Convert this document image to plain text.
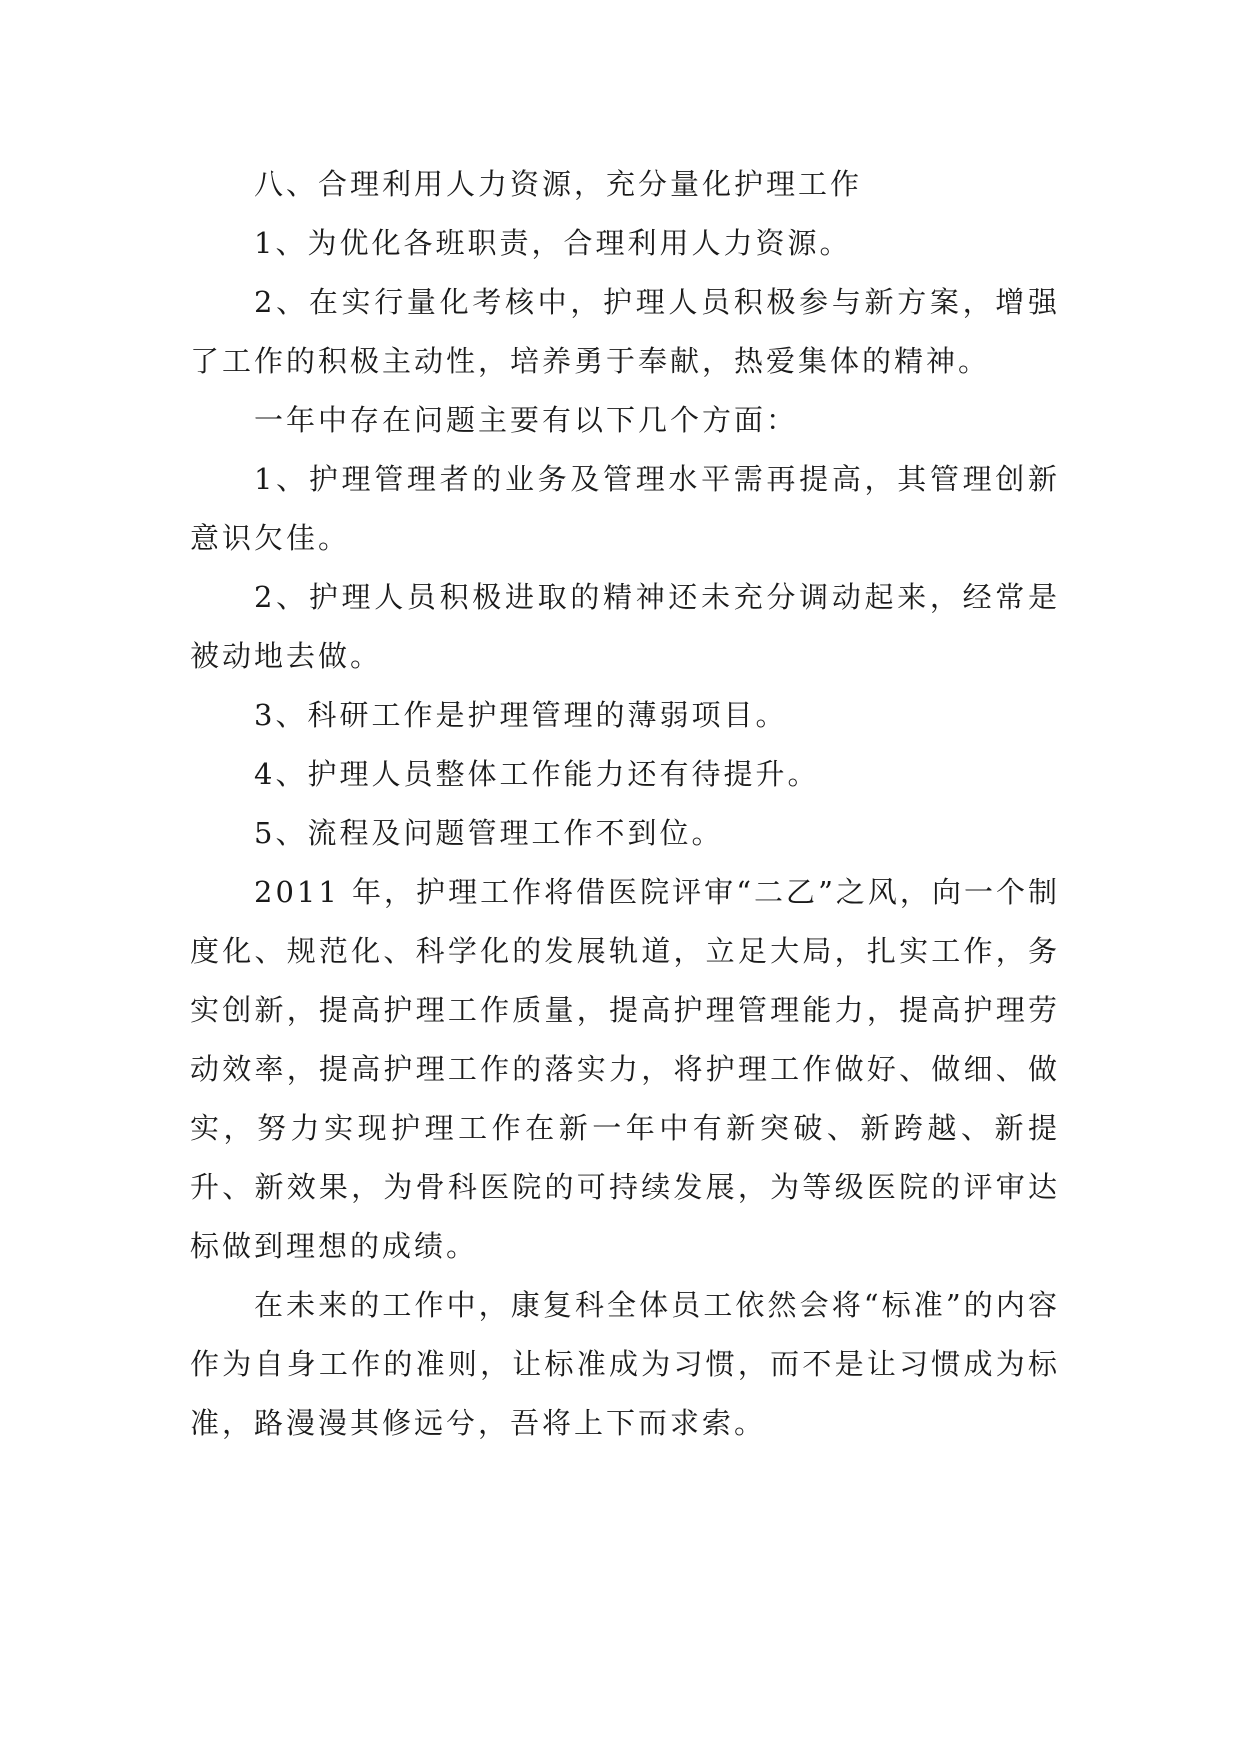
八、合理利用人力资源，充分量化护理工作

1、为优化各班职责，合理利用人力资源。

2、在实行量化考核中，护理人员积极参与新方案，增强了工作的积极主动性，培养勇于奉献，热爱集体的精神。

一年中存在问题主要有以下几个方面：

1、护理管理者的业务及管理水平需再提高，其管理创新意识欠佳。

2、护理人员积极进取的精神还未充分调动起来，经常是被动地去做。

3、科研工作是护理管理的薄弱项目。

4、护理人员整体工作能力还有待提升。

5、流程及问题管理工作不到位。

2011 年，护理工作将借医院评审“二乙”之风，向一个制度化、规范化、科学化的发展轨道，立足大局，扎实工作，务实创新，提高护理工作质量，提高护理管理能力，提高护理劳动效率，提高护理工作的落实力，将护理工作做好、做细、做实，努力实现护理工作在新一年中有新突破、新跨越、新提升、新效果，为骨科医院的可持续发展，为等级医院的评审达标做到理想的成绩。

在未来的工作中，康复科全体员工依然会将“标准”的内容作为自身工作的准则，让标准成为习惯，而不是让习惯成为标准，路漫漫其修远兮，吾将上下而求索。
